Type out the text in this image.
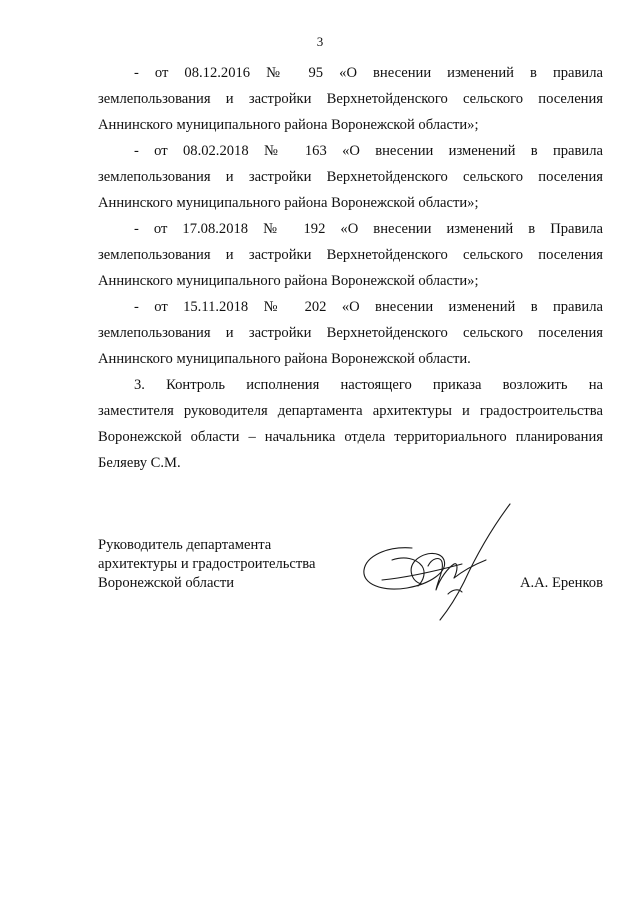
3

- от 08.12.2016 № 95 «О внесении изменений в правила

землепользования и застройки Верхнетойденского сельского поселения

Аннинского муниципального района Воронежской области»;

- от 08.02.2018 № 163 «О внесении изменений в правила

землепользования и застройки Верхнетойденского сельского поселения

Аннинского муниципального района Воронежской области»;

- от 17.08.2018 № 192 «О внесении изменений в Правила

землепользования и застройки Верхнетойденского сельского поселения

Аннинского муниципального района Воронежской области»;

- от 15.11.2018 № 202 «О внесении изменений в правила

землепользования и застройки Верхнетойденского сельского поселения

Аннинского муниципального района Воронежской области.

3. Контроль исполнения настоящего приказа возложить на

заместителя руководителя департамента архитектуры и градостроительства

Воронежской области – начальника отдела территориального планирования

Беляеву С.М.

Руководитель департамента
архитектуры и градостроительства
Воронежской области	А.А. Еренков
